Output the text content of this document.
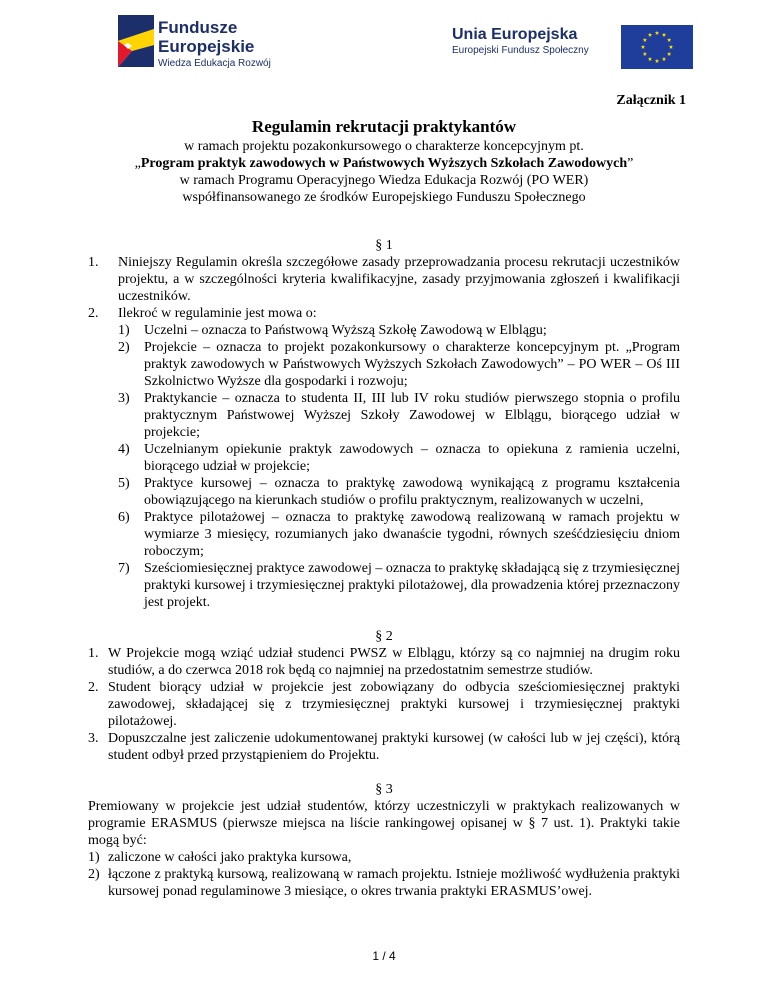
Fundusze
Europejskie
Wiedza Edukacja Rozwój
Unia Europejska
Europejski Fundusz Społeczny
Załącznik 1
Regulamin rekrutacji praktykantów
w ramach projektu pozakonkursowego o charakterze koncepcyjnym pt.
„Program praktyk zawodowych w Państwowych Wyższych Szkołach Zawodowych”
w ramach Programu Operacyjnego Wiedza Edukacja Rozwój (PO WER)
współfinansowanego ze środków Europejskiego Funduszu Społecznego
§ 1
1. Niniejszy Regulamin określa szczegółowe zasady przeprowadzania procesu rekrutacji uczestników projektu, a w szczególności kryteria kwalifikacyjne, zasady przyjmowania zgłoszeń i kwalifikacji uczestników.
2. Ilekroć w regulaminie jest mowa o:
1) Uczelni – oznacza to Państwową Wyższą Szkołę Zawodową w Elblągu;
2) Projekcie – oznacza to projekt pozakonkursowy o charakterze koncepcyjnym pt. „Program praktyk zawodowych w Państwowych Wyższych Szkołach Zawodowych” – PO WER – Oś III Szkolnictwo Wyższe dla gospodarki i rozwoju;
3) Praktykancie – oznacza to studenta II, III lub IV roku studiów pierwszego stopnia o profilu praktycznym Państwowej Wyższej Szkoły Zawodowej w Elblągu, biorącego udział w projekcie;
4) Uczelnianym opiekunie praktyk zawodowych – oznacza to opiekuna z ramienia uczelni, biorącego udział w projekcie;
5) Praktyce kursowej – oznacza to praktykę zawodową wynikającą z programu kształcenia obowiązującego na kierunkach studiów o profilu praktycznym, realizowanych w uczelni,
6) Praktyce pilotażowej – oznacza to praktykę zawodową realizowaną w ramach projektu w wymiarze 3 miesięcy, rozumianych jako dwanaście tygodni, równych sześćdziesięciu dniom roboczym;
7) Sześciomiesięcznej praktyce zawodowej – oznacza to praktykę składającą się z trzymiesięcznej praktyki kursowej i trzymiesięcznej praktyki pilotażowej, dla prowadzenia której przeznaczony jest projekt.
§ 2
1. W Projekcie mogą wziąć udział studenci PWSZ w Elblągu, którzy są co najmniej na drugim roku studiów, a do czerwca 2018 rok będą co najmniej na przedostatnim semestrze studiów.
2. Student biorący udział w projekcie jest zobowiązany do odbycia sześciomiesięcznej praktyki zawodowej, składającej się z trzymiesięcznej praktyki kursowej i trzymiesięcznej praktyki pilotażowej.
3. Dopuszczalne jest zaliczenie udokumentowanej praktyki kursowej (w całości lub w jej części), którą student odbył przed przystąpieniem do Projektu.
§ 3
Premiowany w projekcie jest udział studentów, którzy uczestniczyli w praktykach realizowanych w programie ERASMUS (pierwsze miejsca na liście rankingowej opisanej w § 7 ust. 1). Praktyki takie mogą być:
1) zaliczone w całości jako praktyka kursowa,
2) łączone z praktyką kursową, realizowaną w ramach projektu. Istnieje możliwość wydłużenia praktyki kursowej ponad regulaminowe 3 miesiące, o okres trwania praktyki ERASMUS’owej.
1 / 4
